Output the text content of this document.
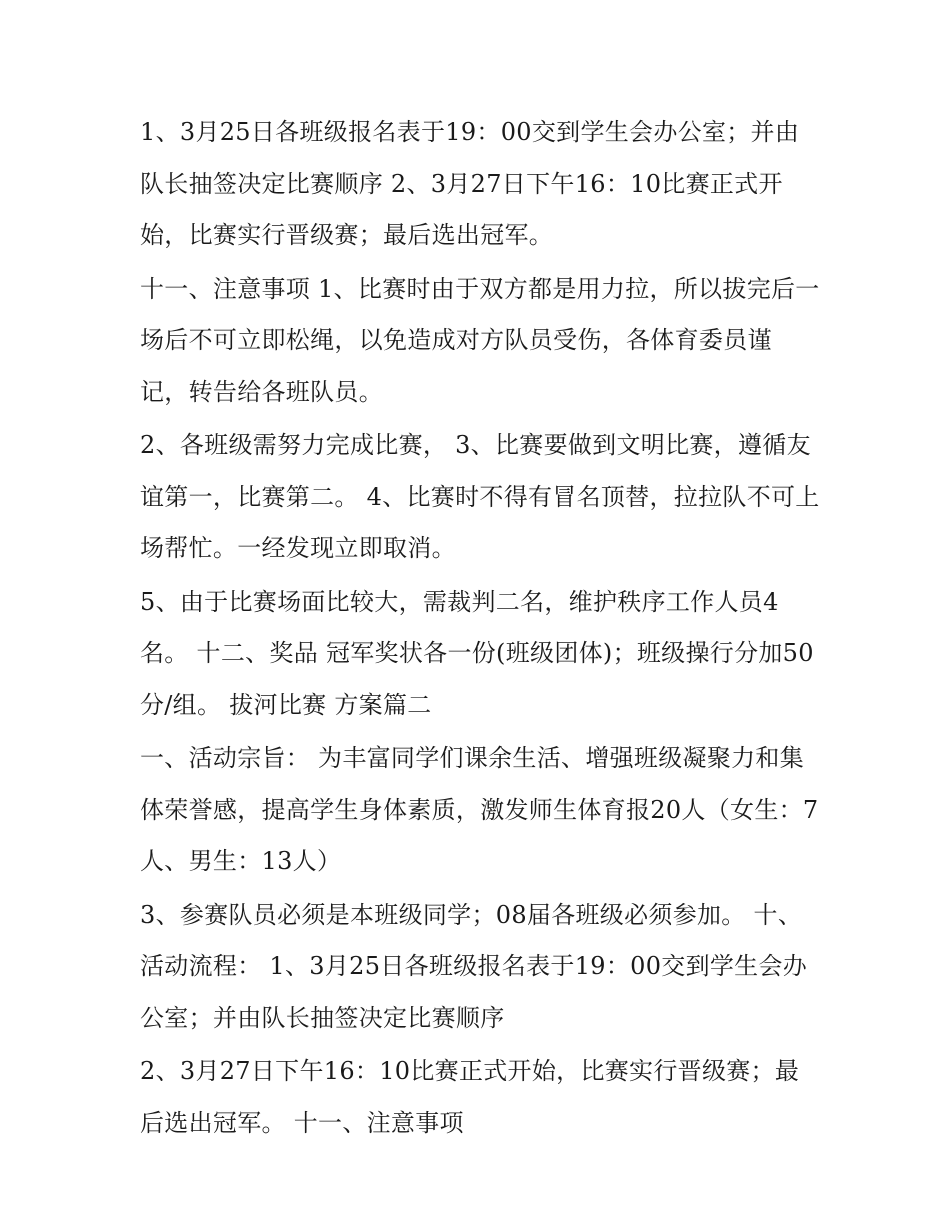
1、3月25日各班级报名表于19：00交到学生会办公室；并由队长抽签决定比赛顺序 2、3月27日下午16：10比赛正式开始，比赛实行晋级赛；最后选出冠军。

十一、注意事项 1、比赛时由于双方都是用力拉，所以拔完后一场后不可立即松绳，以免造成对方队员受伤，各体育委员谨记，转告给各班队员。

2、各班级需努力完成比赛， 3、比赛要做到文明比赛，遵循友谊第一，比赛第二。 4、比赛时不得有冒名顶替，拉拉队不可上场帮忙。一经发现立即取消。

5、由于比赛场面比较大，需裁判二名，维护秩序工作人员4名。 十二、奖品 冠军奖状各一份(班级团体)；班级操行分加50分/组。 拔河比赛 方案篇二

一、活动宗旨： 为丰富同学们课余生活、增强班级凝聚力和集体荣誉感，提高学生身体素质，激发师生体育报20人（女生：7人、男生：13人）

3、参赛队员必须是本班级同学；08届各班级必须参加。 十、活动流程： 1、3月25日各班级报名表于19：00交到学生会办公室；并由队长抽签决定比赛顺序

2、3月27日下午16：10比赛正式开始，比赛实行晋级赛；最后选出冠军。 十一、注意事项
